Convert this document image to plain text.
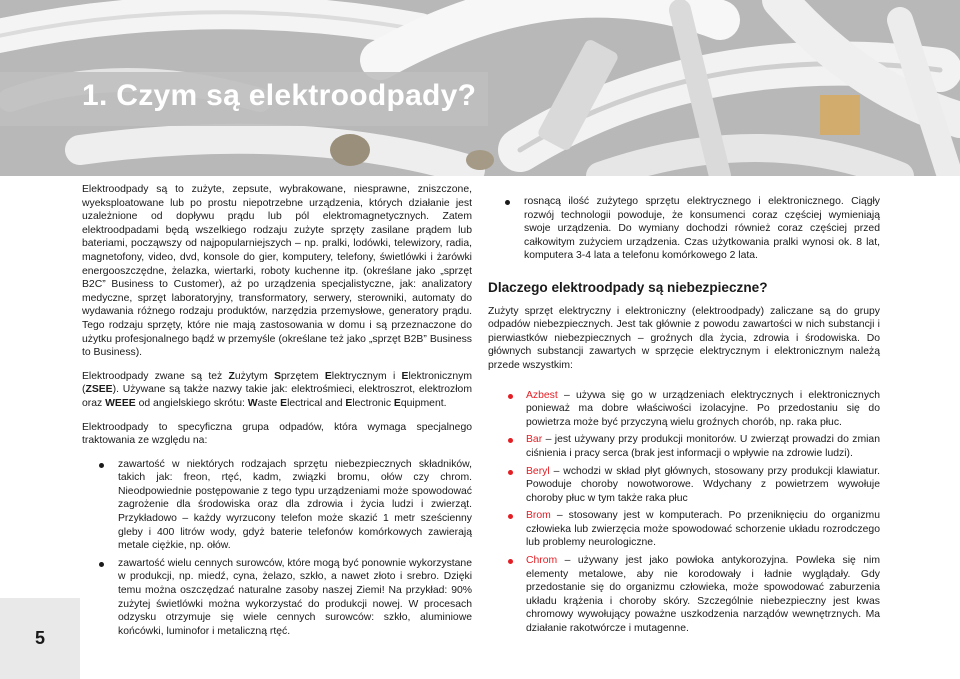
1. Czym są elektroodpady?

Elektroodpady są to zużyte, zepsute, wybrakowane, niesprawne, zniszczone, wyeksploatowane lub po prostu niepotrzebne urządzenia, których działanie jest uzależnione od dopływu prądu lub pól elektromagnetycznych. Zatem elektroodpadami będą wszelkiego rodzaju zużyte sprzęty zasilane prądem lub bateriami, począwszy od najpopularniejszych – np. pralki, lodówki, telewizory, radia, magnetofony, video, dvd, konsole do gier, komputery, telefony, świetlówki i żarówki energooszczędne, żelazka, wiertarki, roboty kuchenne itp. (określane jako „sprzęt B2C” Business to Customer), aż po urządzenia specjalistyczne, jak: analizatory medyczne, sprzęt laboratoryjny, transformatory, serwery, sterowniki, automaty do wydawania różnego rodzaju produktów, narzędzia przemysłowe, generatory prądu. Tego rodzaju sprzęty, które nie mają zastosowania w domu i są przeznaczone do użytku profesjonalnego bądź w przemyśle (określane też jako „sprzęt B2B” Business to Business).

Elektroodpady zwane są też Zużytym Sprzętem Elektrycznym i Elektronicznym (ZSEE). Używane są także nazwy takie jak: elektrośmieci, elektroszrot, elektrozłom oraz WEEE od angielskiego skrótu: Waste Electrical and Electronic Equipment.

Elektroodpady to specyficzna grupa odpadów, która wymaga specjalnego traktowania ze względu na:

zawartość w niektórych rodzajach sprzętu niebezpiecznych składników, takich jak: freon, rtęć, kadm, związki bromu, ołów czy chrom. Nieodpowiednie postępowanie z tego typu urządzeniami może spowodować zagrożenie dla środowiska oraz dla zdrowia i życia ludzi i zwierząt. Przykładowo – każdy wyrzucony telefon może skazić 1 metr sześcienny gleby i 400 litrów wody, gdyż baterie telefonów komórkowych zawierają metale ciężkie, np. ołów.
zawartość wielu cennych surowców, które mogą być ponownie wykorzystane w produkcji, np. miedź, cyna, żelazo, szkło, a nawet złoto i srebro. Dzięki temu można oszczędzać naturalne zasoby naszej Ziemi! Na przykład: 90% zużytej świetlówki można wykorzystać do produkcji nowej. W procesach odzysku otrzymuje się wiele cennych surowców: szkło, aluminiowe końcówki, luminofor i metaliczną rtęć.
rosnącą ilość zużytego sprzętu elektrycznego i elektronicznego. Ciągły rozwój technologii powoduje, że konsumenci coraz częściej wymieniają swoje urządzenia. Do wymiany dochodzi również coraz częściej przed całkowitym zużyciem urządzenia. Czas użytkowania pralki wynosi ok. 8 lat, komputera 3-4 lata a telefonu komórkowego 2 lata.
Dlaczego elektroodpady są niebezpieczne?
Zużyty sprzęt elektryczny i elektroniczny (elektroodpady) zaliczane są do grupy odpadów niebezpiecznych. Jest tak głównie z powodu zawartości w nich substancji i pierwiastków niebezpiecznych – groźnych dla życia, zdrowia i środowiska. Do głównych substancji zawartych w sprzęcie elektrycznym i elektronicznym należą przede wszystkim:
Azbest – używa się go w urządzeniach elektrycznych i elektronicznych ponieważ ma dobre właściwości izolacyjne. Po przedostaniu się do powietrza może być przyczyną wielu groźnych chorób, np. raka płuc.
Bar – jest używany przy produkcji monitorów. U zwierząt prowadzi do zmian ciśnienia i pracy serca (brak jest informacji o wpływie na zdrowie ludzi).
Beryl – wchodzi w skład płyt głównych, stosowany przy produkcji klawiatur. Powoduje choroby nowotworowe. Wdychany z powietrzem wywołuje choroby płuc w tym także raka płuc
Brom – stosowany jest w komputerach. Po przeniknięciu do organizmu człowieka lub zwierzęcia może spowodować schorzenie układu rozrodczego lub problemy neurologiczne.
Chrom – używany jest jako powłoka antykorozyjna. Powleka się nim elementy metalowe, aby nie korodowały i ładnie wyglądały. Gdy przedostanie się do organizmu człowieka, może spowodować zaburzenia układu krążenia i choroby skóry. Szczególnie niebezpieczny jest kwas chromowy wywołujący poważne uszkodzenia narządów wewnętrznych. Ma działanie rakotwórcze i mutagenne.
5
